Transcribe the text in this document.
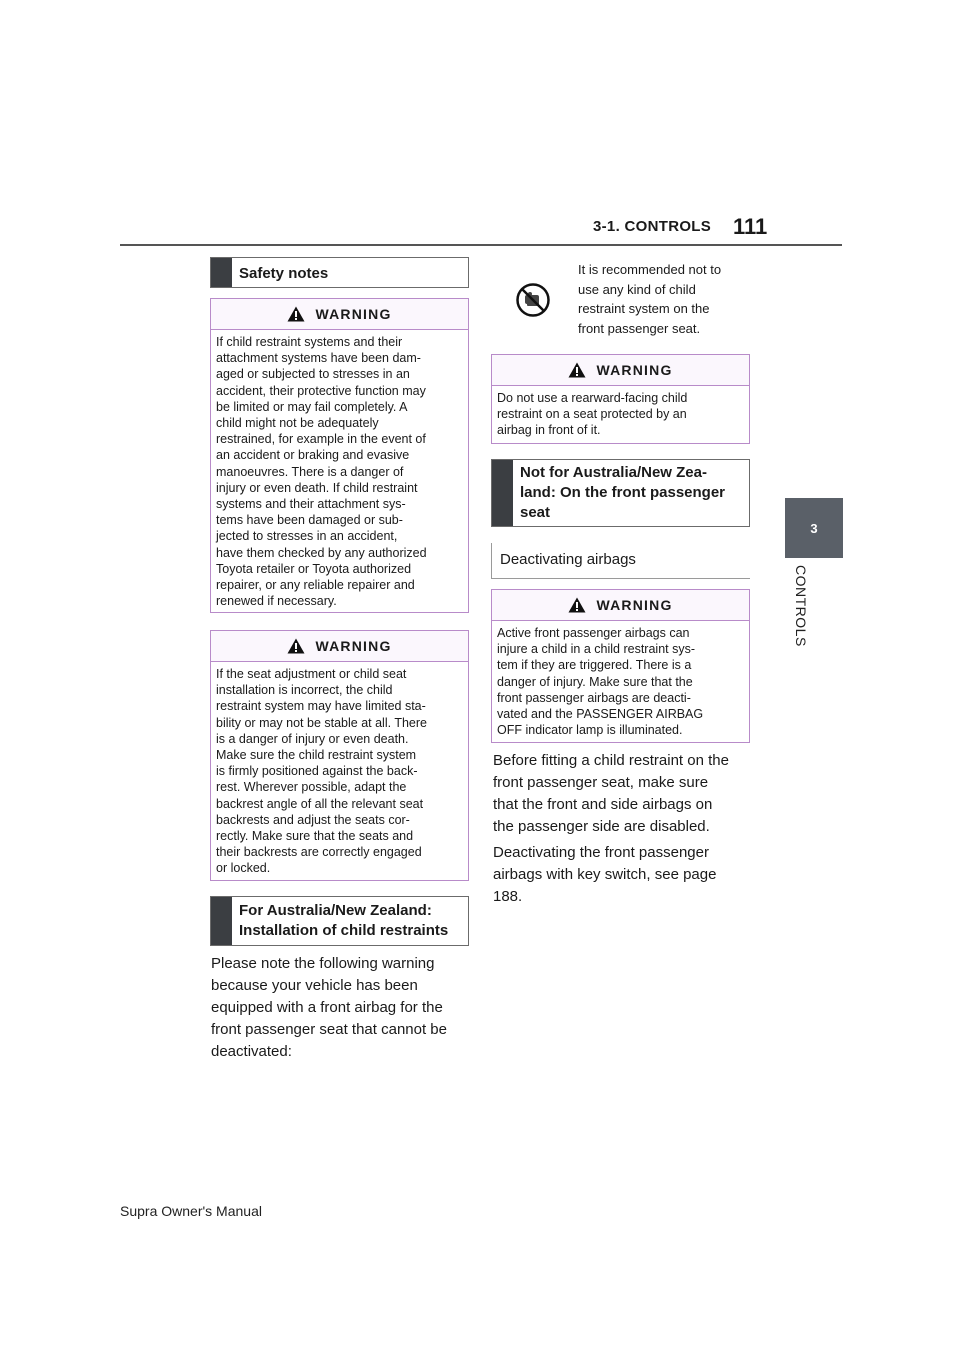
3-1. CONTROLS 111
3
CONTROLS
Safety notes
WARNING
If child restraint systems and their
attachment systems have been dam-
aged or subjected to stresses in an
accident, their protective function may
be limited or may fail completely. A
child might not be adequately
restrained, for example in the event of
an accident or braking and evasive
manoeuvres. There is a danger of
injury or even death. If child restraint
systems and their attachment sys-
tems have been damaged or sub-
jected to stresses in an accident,
have them checked by any authorized
Toyota retailer or Toyota authorized
repairer, or any reliable repairer and
renewed if necessary.
WARNING
If the seat adjustment or child seat
installation is incorrect, the child
restraint system may have limited sta-
bility or may not be stable at all. There
is a danger of injury or even death.
Make sure the child restraint system
is firmly positioned against the back-
rest. Wherever possible, adapt the
backrest angle of all the relevant seat
backrests and adjust the seats cor-
rectly. Make sure that the seats and
their backrests are correctly engaged
or locked.
For Australia/New Zealand:
Installation of child restraints
Please note the following warning
because your vehicle has been
equipped with a front airbag for the
front passenger seat that cannot be
deactivated:
It is recommended not to
use any kind of child
restraint system on the
front passenger seat.
WARNING
Do not use a rearward-facing child
restraint on a seat protected by an
airbag in front of it.
Not for Australia/New Zea-
land: On the front passenger
seat
Deactivating airbags
WARNING
Active front passenger airbags can
injure a child in a child restraint sys-
tem if they are triggered. There is a
danger of injury. Make sure that the
front passenger airbags are deacti-
vated and the PASSENGER AIRBAG
OFF indicator lamp is illuminated.
Before fitting a child restraint on the
front passenger seat, make sure
that the front and side airbags on
the passenger side are disabled.
Deactivating the front passenger
airbags with key switch, see page
188.
Supra Owner's Manual
